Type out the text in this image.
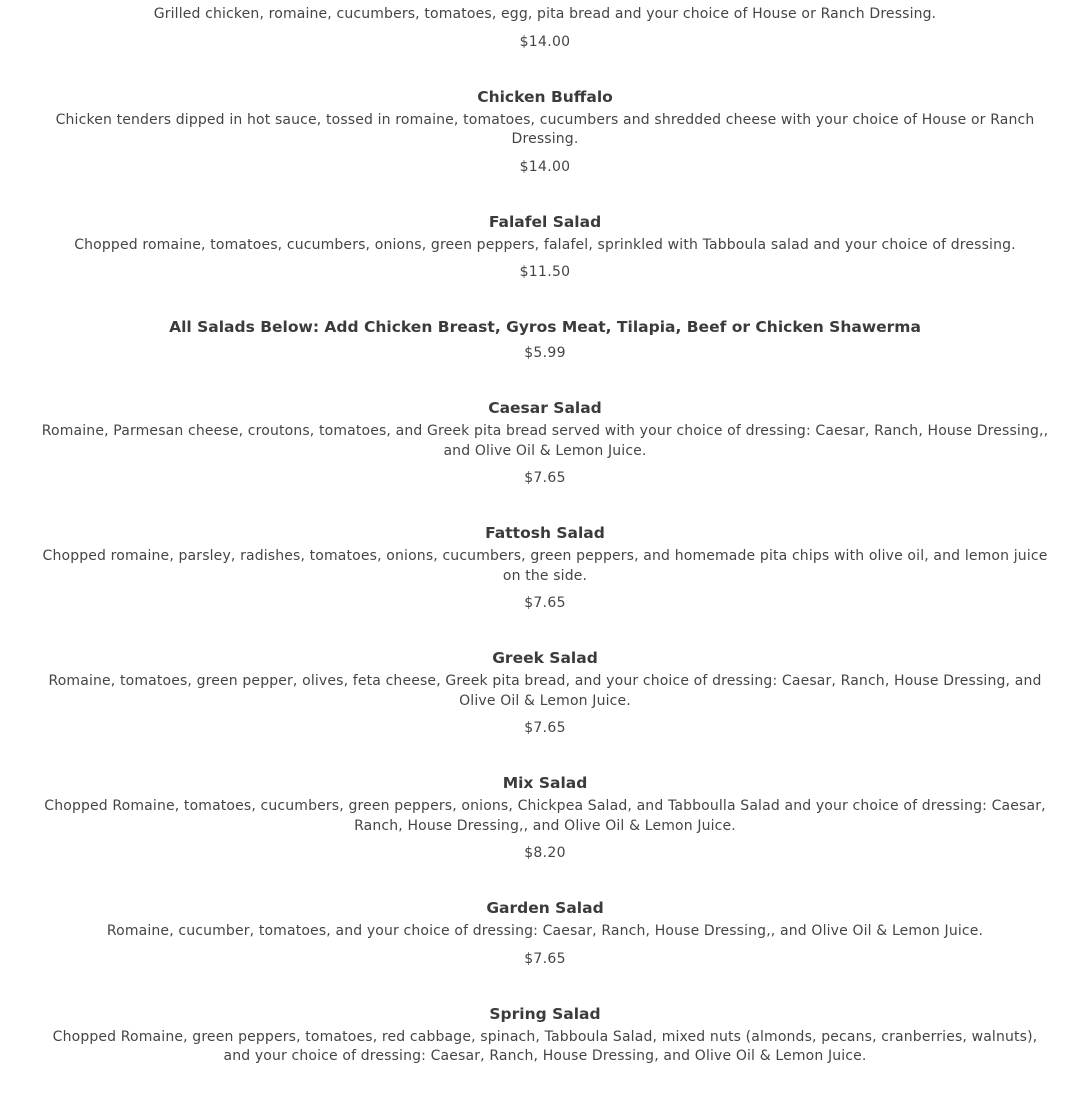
Grilled chicken, romaine, cucumbers, tomatoes, egg, pita bread and your choice of House or Ranch Dressing.

$14.00
Chicken Buffalo

Chicken tenders dipped in hot sauce, tossed in romaine, tomatoes, cucumbers and shredded cheese with your choice of House or Ranch Dressing.

$14.00
Falafel Salad

Chopped romaine, tomatoes, cucumbers, onions, green peppers, falafel, sprinkled with Tabboula salad and your choice of dressing.

$11.50
All Salads Below: Add Chicken Breast, Gyros Meat, Tilapia, Beef or Chicken Shawerma
$5.99
Caesar Salad

Romaine, Parmesan cheese, croutons, tomatoes, and Greek pita bread served with your choice of dressing: Caesar, Ranch, House Dressing,, and Olive Oil & Lemon Juice.

$7.65
Fattosh Salad

Chopped romaine, parsley, radishes, tomatoes, onions, cucumbers, green peppers, and homemade pita chips with olive oil, and lemon juice on the side.

$7.65
Greek Salad

Romaine, tomatoes, green pepper, olives, feta cheese, Greek pita bread, and your choice of dressing: Caesar, Ranch, House Dressing, and Olive Oil & Lemon Juice.

$7.65
Mix Salad

Chopped Romaine, tomatoes, cucumbers, green peppers, onions, Chickpea Salad, and Tabboulla Salad and your choice of dressing: Caesar, Ranch, House Dressing,, and Olive Oil & Lemon Juice.

$8.20
Garden Salad

Romaine, cucumber, tomatoes, and your choice of dressing: Caesar, Ranch, House Dressing,, and Olive Oil & Lemon Juice.

$7.65
Spring Salad

Chopped Romaine, green peppers, tomatoes, red cabbage, spinach, Tabboula Salad, mixed nuts (almonds, pecans, cranberries, walnuts), and your choice of dressing: Caesar, Ranch, House Dressing, and Olive Oil & Lemon Juice.
